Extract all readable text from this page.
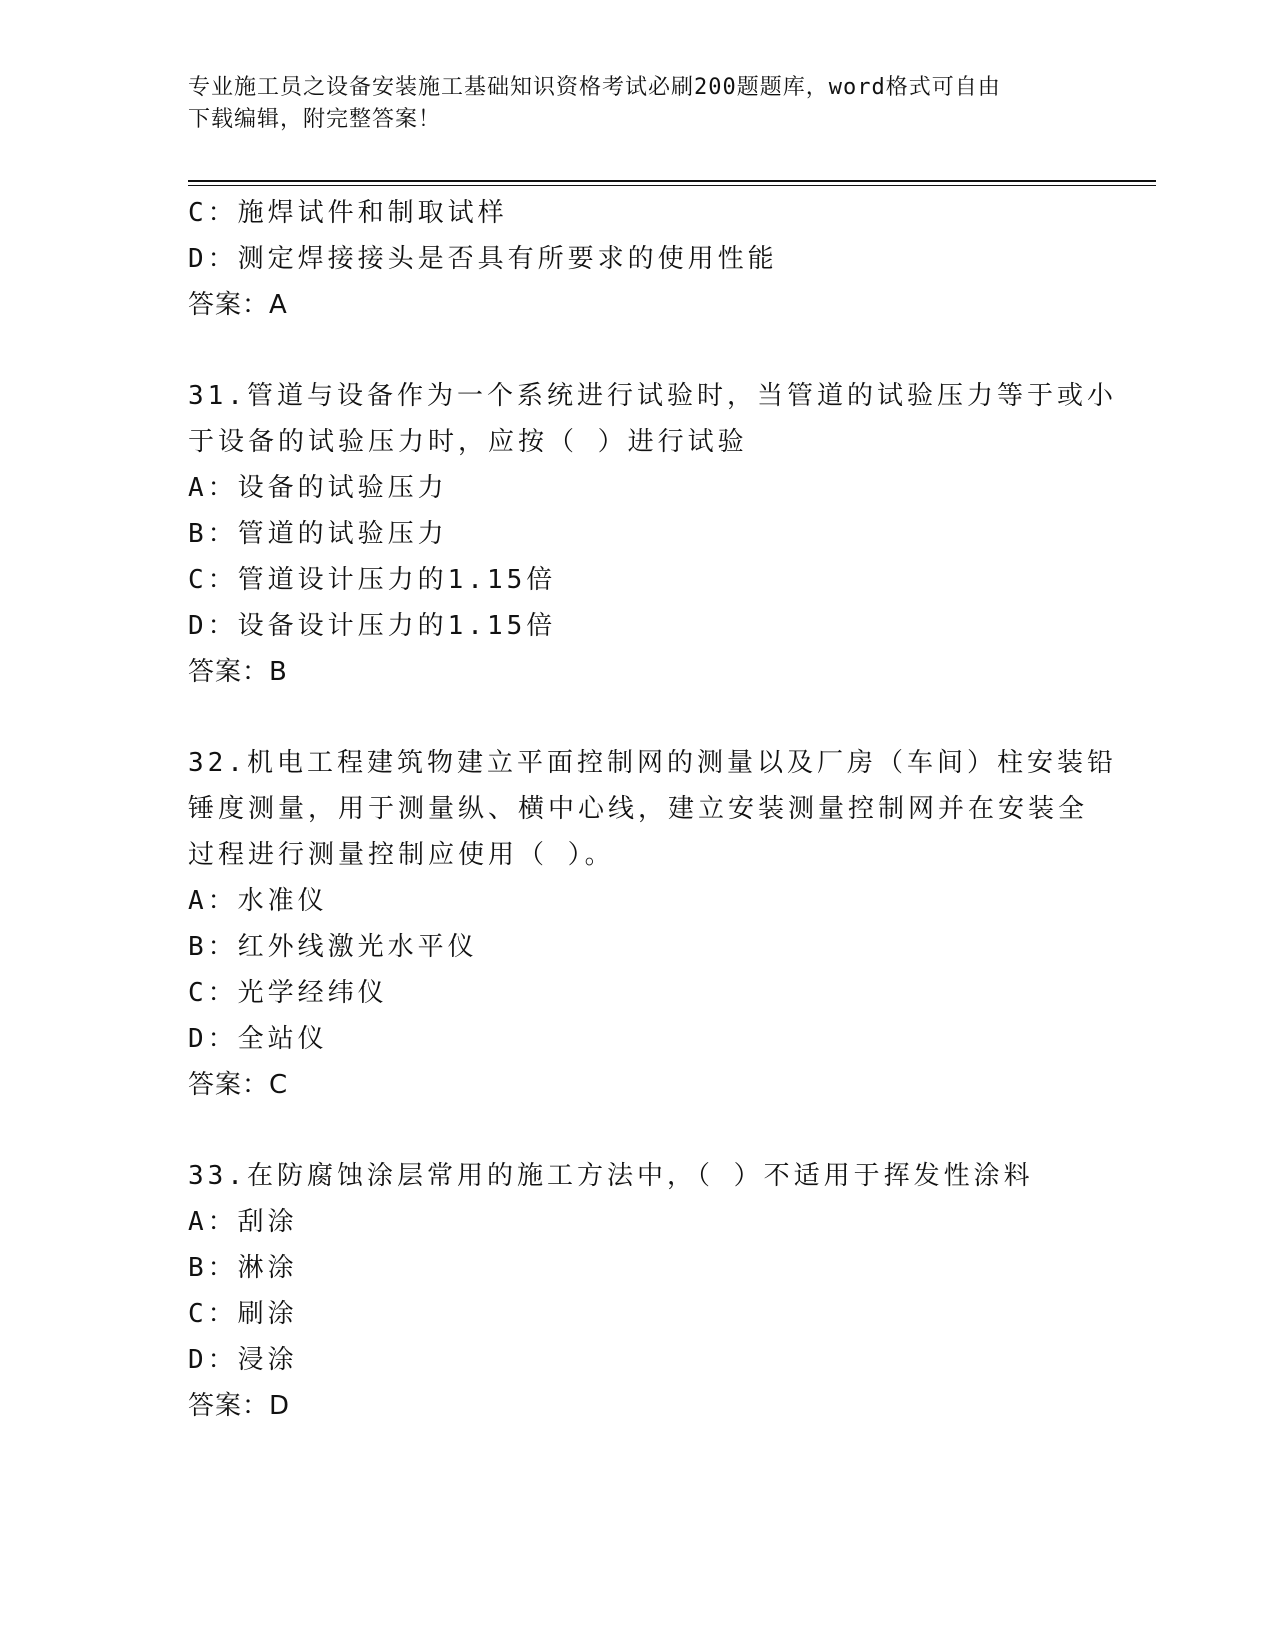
专业施工员之设备安装施工基础知识资格考试必刷200题题库，word格式可自由
下载编辑，附完整答案！
C：施焊试件和制取试样
D：测定焊接接头是否具有所要求的使用性能
答案：A
31.管道与设备作为一个系统进行试验时，当管道的试验压力等于或小
于设备的试验压力时，应按（ ）进行试验
A：设备的试验压力
B：管道的试验压力
C：管道设计压力的1.15倍
D：设备设计压力的1.15倍
答案：B
32.机电工程建筑物建立平面控制网的测量以及厂房（车间）柱安装铅
锤度测量，用于测量纵、横中心线，建立安装测量控制网并在安装全
过程进行测量控制应使用（ ）。
A：水准仪
B：红外线激光水平仪
C：光学经纬仪
D：全站仪
答案：C
33.在防腐蚀涂层常用的施工方法中，（ ）不适用于挥发性涂料
A：刮涂
B：淋涂
C：刷涂
D：浸涂
答案：D
